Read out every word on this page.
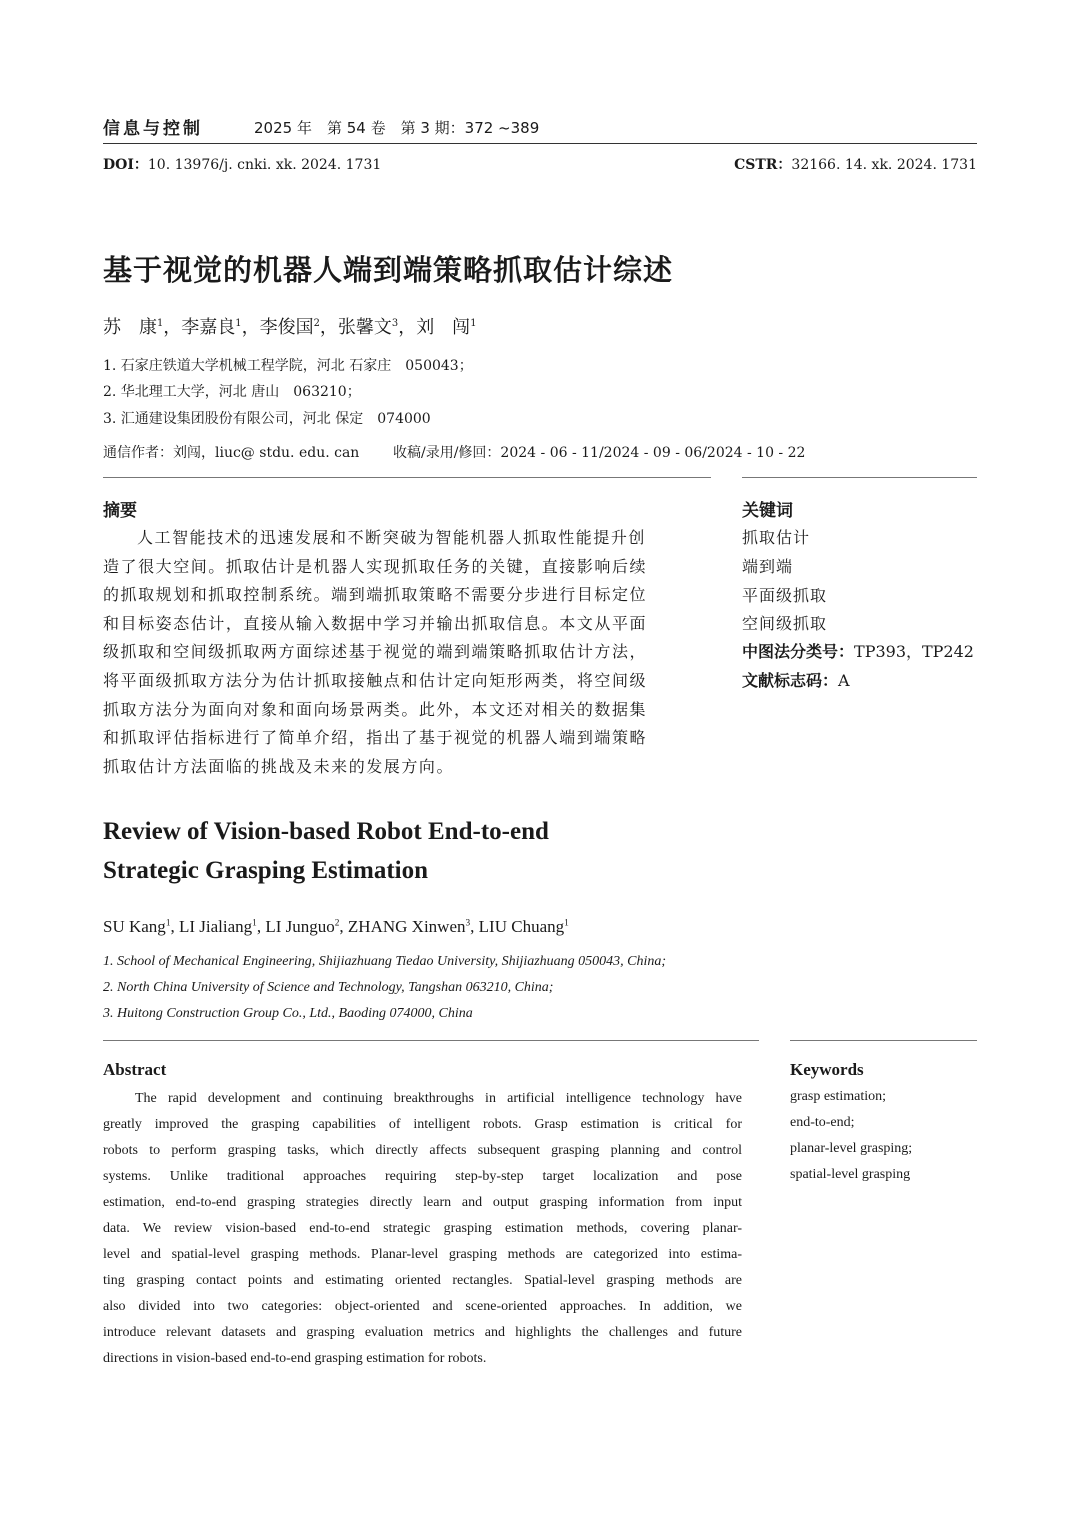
信息与控制	2025 年　第 54 卷　第 3 期：372 ~389
DOI：10. 13976/j. cnki. xk. 2024. 1731	CSTR：32166. 14. xk. 2024. 1731
基于视觉的机器人端到端策略抓取估计综述
苏　康$^1$，李嘉良$^1$，李俊国$^2$，张馨文$^3$，刘　闯$^1$
1. 石家庄铁道大学机械工程学院，河北 石家庄　050043；
2. 华北理工大学，河北 唐山　063210；
3. 汇通建设集团股份有限公司，河北 保定　074000
通信作者：刘闯，liuc@ stdu. edu. can 收稿/录用/修回：2024 - 06 - 11/2024 - 09 - 06/2024 - 10 - 22
摘要

人工智能技术的迅速发展和不断突破为智能机器人抓取性能提升创

造了很大空间。抓取估计是机器人实现抓取任务的关键，直接影响后续

的抓取规划和抓取控制系统。端到端抓取策略不需要分步进行目标定位

和目标姿态估计，直接从输入数据中学习并输出抓取信息。本文从平面

级抓取和空间级抓取两方面综述基于视觉的端到端策略抓取估计方法，

将平面级抓取方法分为估计抓取接触点和估计定向矩形两类，将空间级

抓取方法分为面向对象和面向场景两类。此外，本文还对相关的数据集

和抓取评估指标进行了简单介绍，指出了基于视觉的机器人端到端策略

抓取估计方法面临的挑战及未来的发展方向。

关键词
抓取估计
端到端
平面级抓取
空间级抓取
中图法分类号：TP393，TP242
文献标志码：A
Review of Vision-based Robot End-to-end
Strategic Grasping Estimation
SU Kang$^1$, LI Jialiang$^1$, LI Junguo$^2$, ZHANG Xinwen$^3$, LIU Chuang$^1$
1. School of Mechanical Engineering, Shijiazhuang Tiedao University, Shijiazhuang 050043, China;
2. North China University of Science and Technology, Tangshan 063210, China;
3. Huitong Construction Group Co., Ltd., Baoding 074000, China
Abstract

The rapid development and continuing breakthroughs in artificial intelligence technology have

greatly improved the grasping capabilities of intelligent robots. Grasp estimation is critical for

robots to perform grasping tasks, which directly affects subsequent grasping planning and control

systems. Unlike traditional approaches requiring step-by-step target localization and pose

estimation, end-to-end grasping strategies directly learn and output grasping information from input

data. We review vision-based end-to-end strategic grasping estimation methods, covering planar-

level and spatial-level grasping methods. Planar-level grasping methods are categorized into estima-

ting grasping contact points and estimating oriented rectangles. Spatial-level grasping methods are

also divided into two categories: object-oriented and scene-oriented approaches. In addition, we

introduce relevant datasets and grasping evaluation metrics and highlights the challenges and future

directions in vision-based end-to-end grasping estimation for robots.

Keywords
grasp estimation;
end-to-end;
planar-level grasping;
spatial-level grasping
